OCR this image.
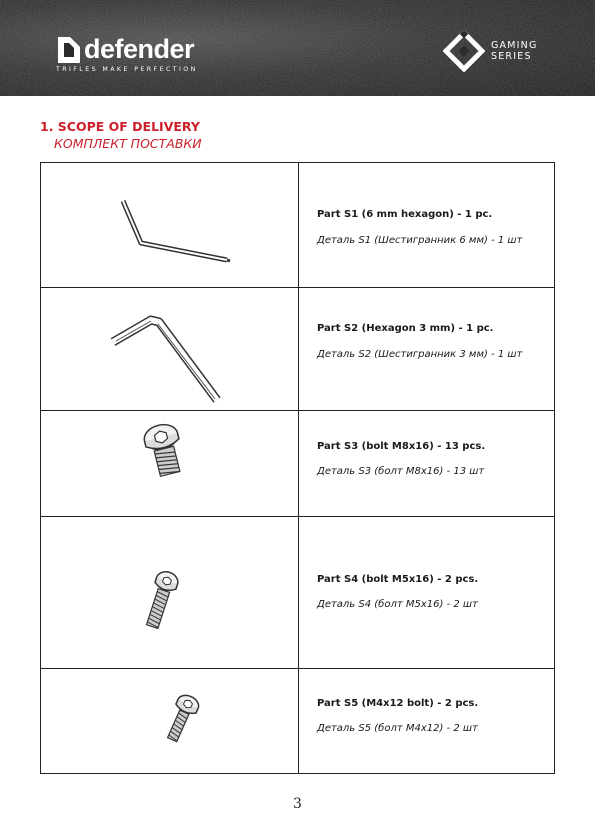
defender
TRIFLES MAKE PERFECTION
GAMING
SERIES
1. SCOPE OF DELIVERY
КОМПЛЕКТ ПОСТАВКИ
Part S1 (6 mm hexagon) - 1 pc.
Деталь S1 (Шестигранник 6 мм) - 1 шт
Part S2 (Hexagon 3 mm) - 1 pc.
Деталь S2 (Шестигранник 3 мм) - 1 шт
Part S3 (bolt M8x16) - 13 pcs.
Деталь S3 (болт M8x16) - 13 шт
Part S4 (bolt M5x16) - 2 pcs.
Деталь S4 (болт M5x16) - 2 шт
Part S5 (M4x12 bolt) - 2 pcs.
Деталь S5 (болт M4x12) - 2 шт
3
